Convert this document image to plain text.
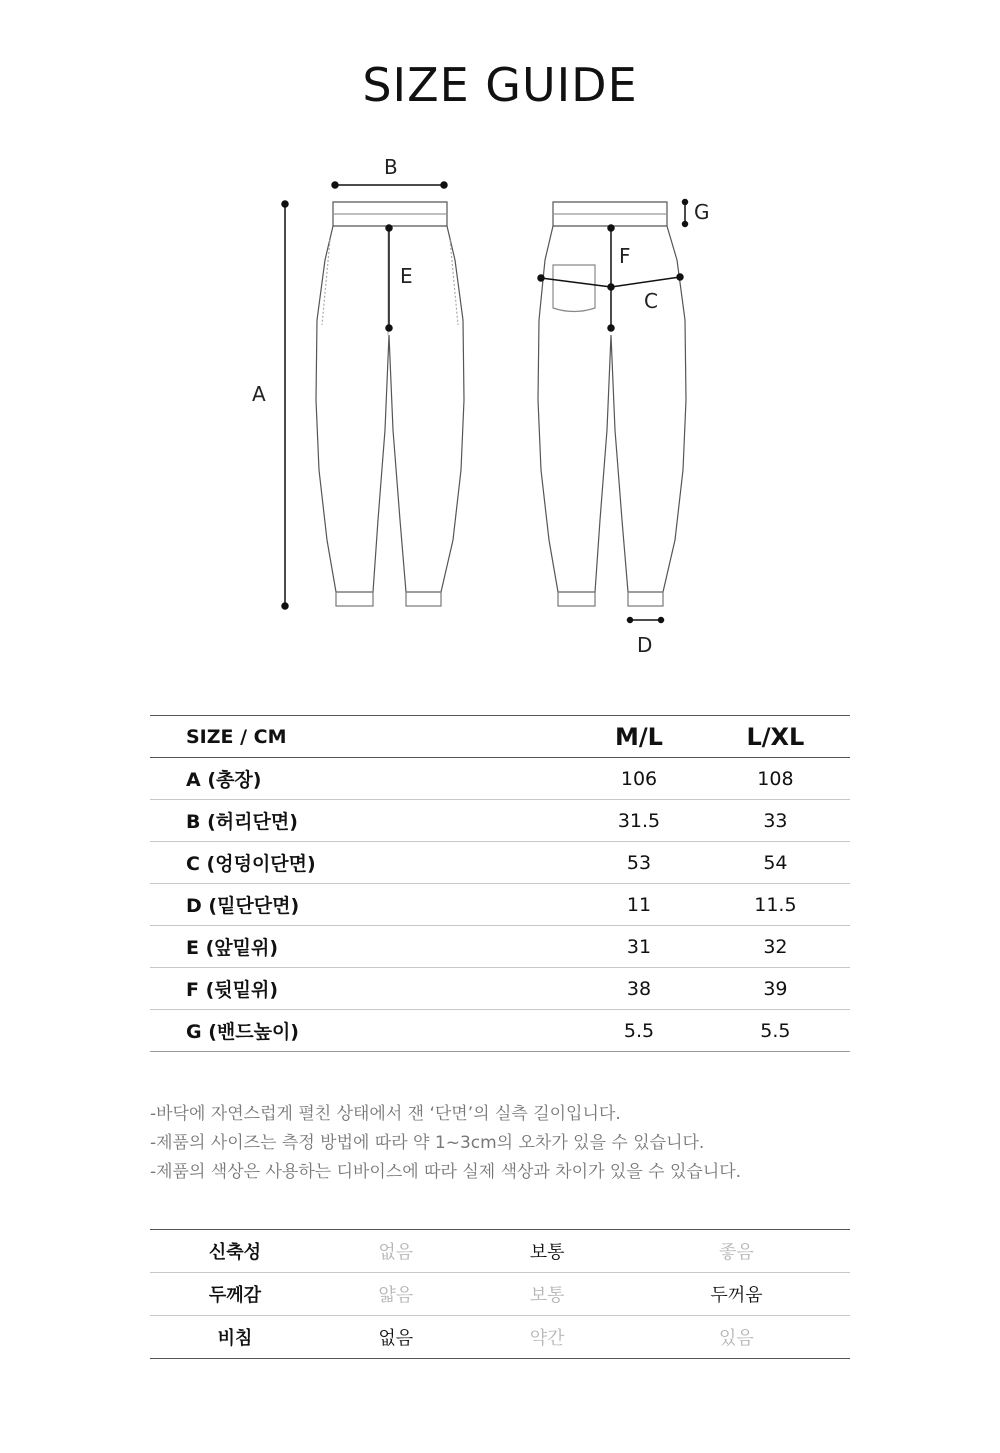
SIZE GUIDE
A
B
C
D
E
F
G
SIZE / CM	M/L	L/XL
A (총장)	106	108
B (허리단면)	31.5	33
C (엉덩이단면)	53	54
D (밑단단면)	11	11.5
E (앞밑위)	31	32
F (뒷밑위)	38	39
G (밴드높이)	5.5	5.5

-바닥에 자연스럽게 펼친 상태에서 잰 ‘단면’의 실측 길이입니다.

-제품의 사이즈는 측정 방법에 따라 약 1~3cm의 오차가 있을 수 있습니다.

-제품의 색상은 사용하는 디바이스에 따라 실제 색상과 차이가 있을 수 있습니다.

신축성	없음	보통	좋음
두께감	얇음	보통	두꺼움
비침	없음	약간	있음
